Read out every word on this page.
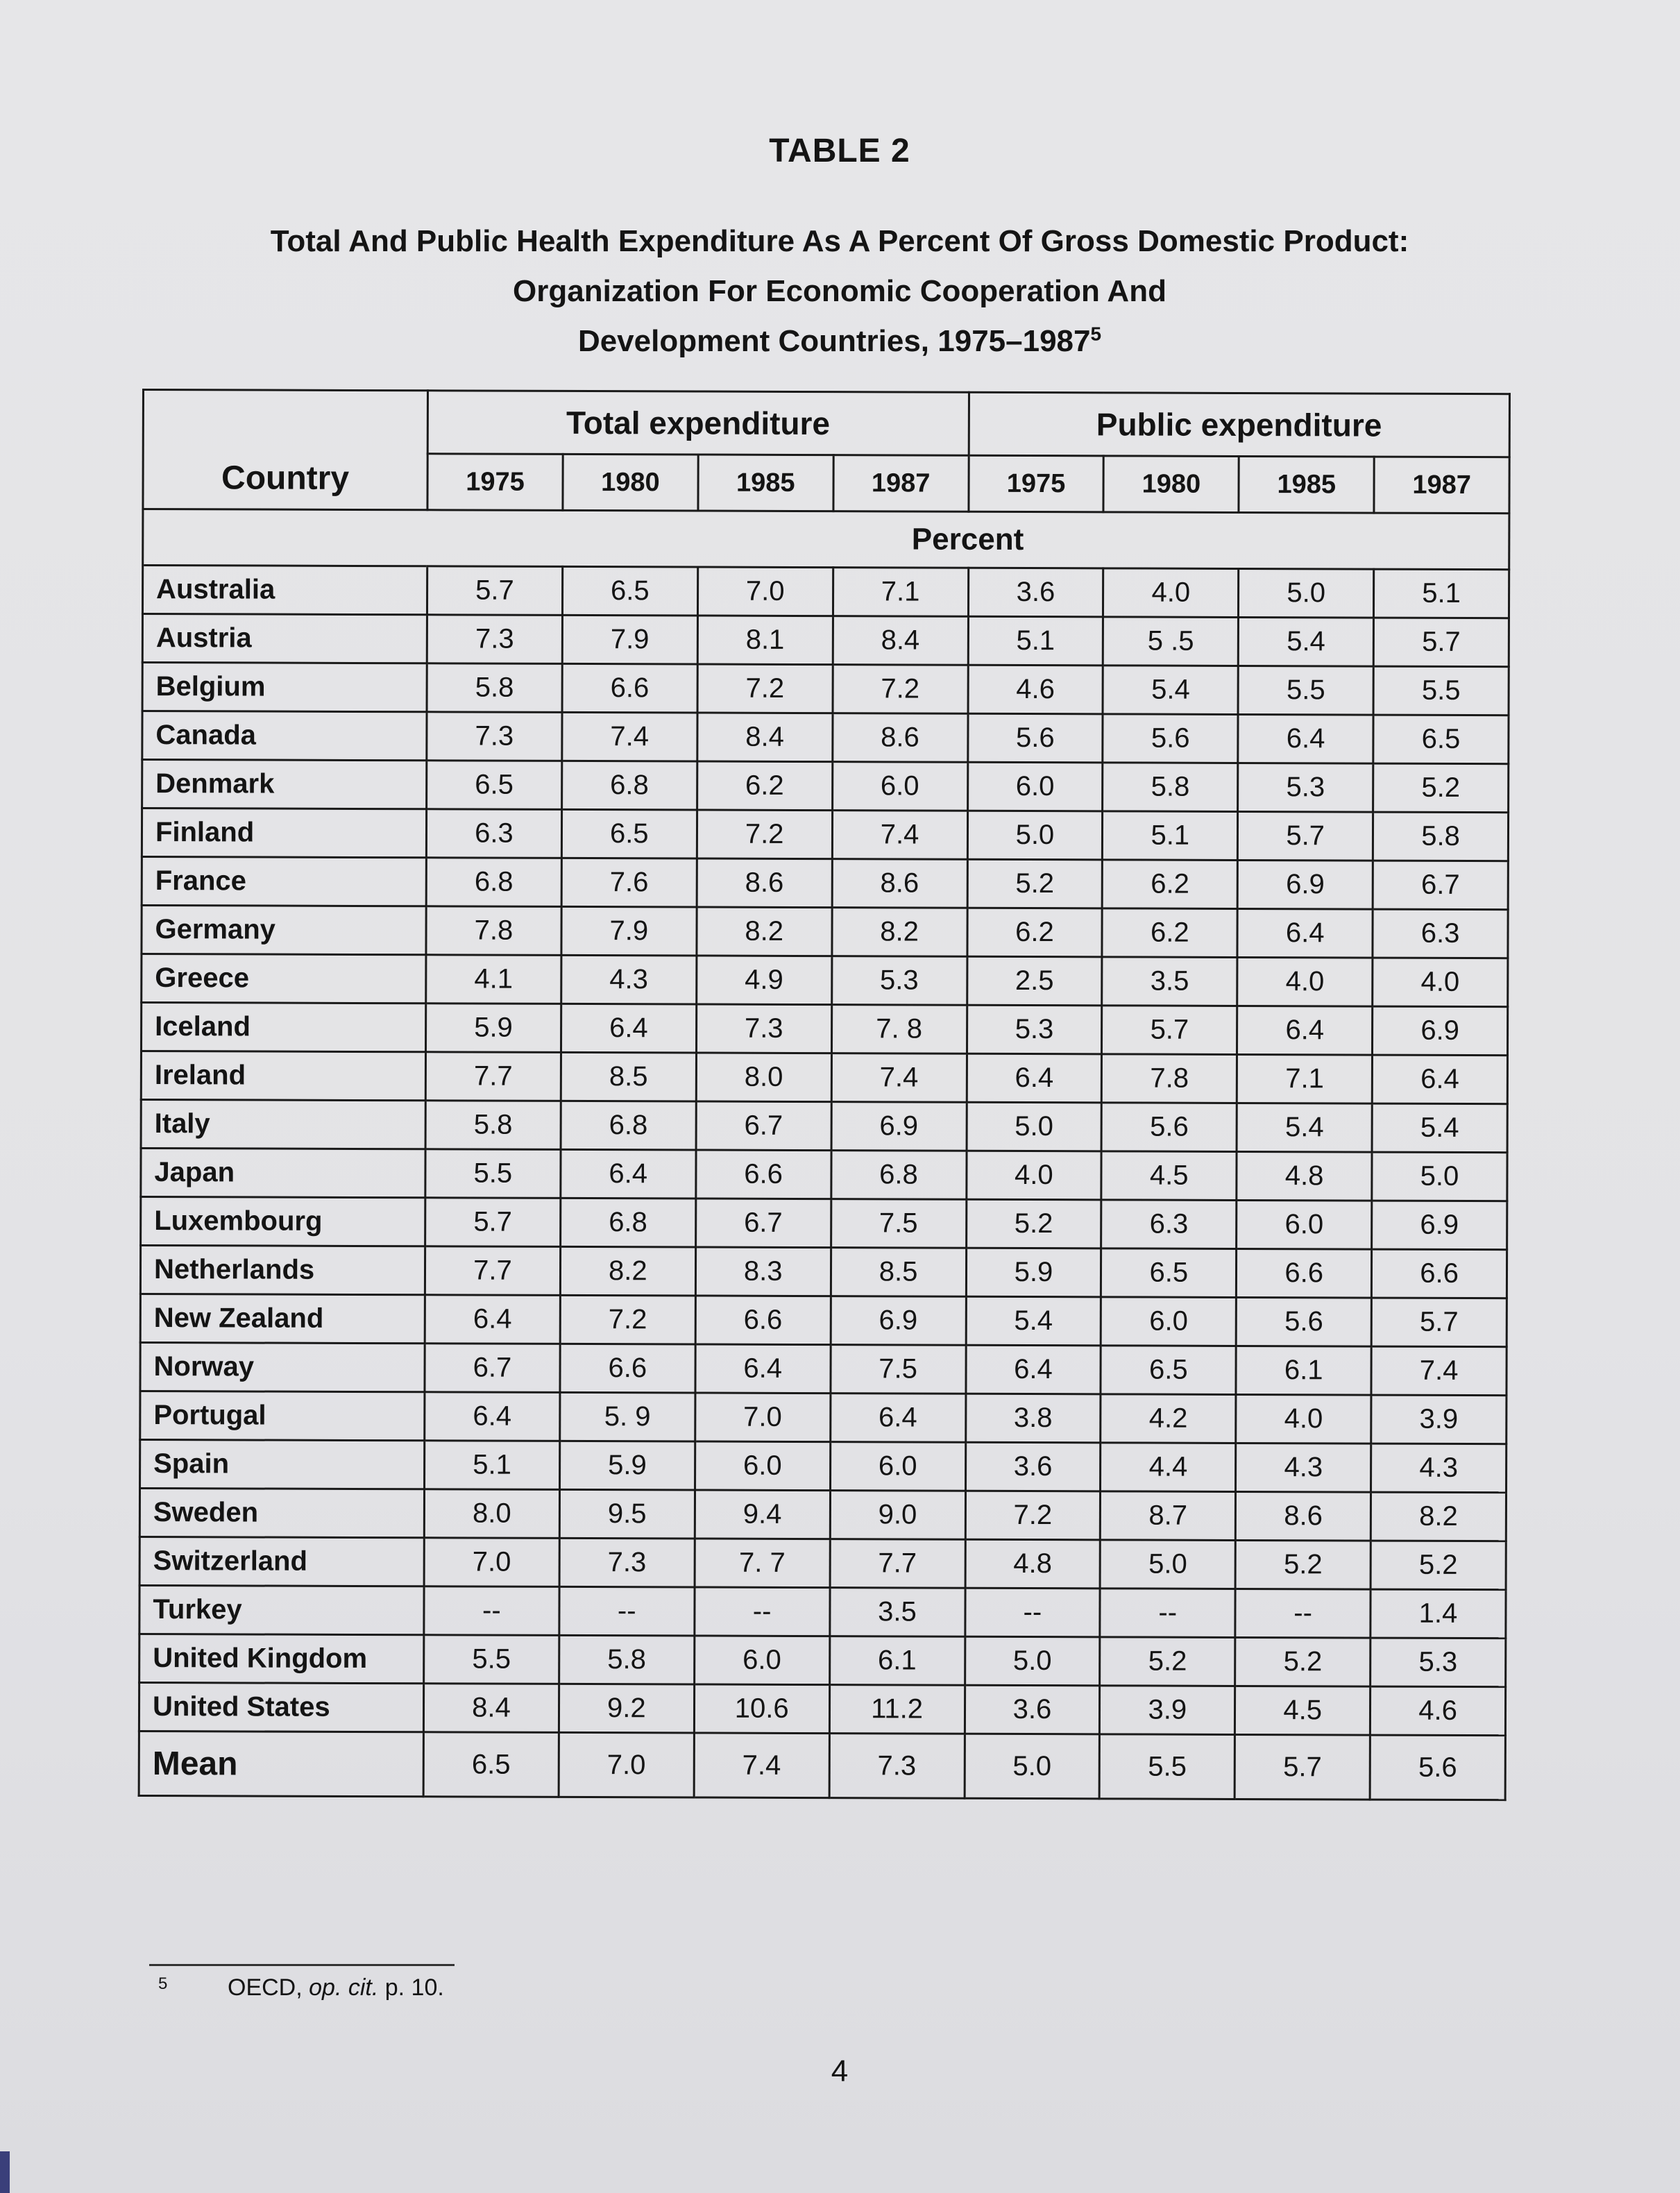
TABLE 2
Total And Public Health Expenditure As A Percent Of Gross Domestic Product:
Organization For Economic Cooperation And
Development Countries, 1975–1987$^5$
Country	Total expenditure				Public expenditure			
	1975	1980	1985	1987	1975	1980	1985	1987
	Percent							
Australia	5.7	6.5	7.0	7.1	3.6	4.0	5.0	5.1
Austria	7.3	7.9	8.1	8.4	5.1	5 .5	5.4	5.7
Belgium	5.8	6.6	7.2	7.2	4.6	5.4	5.5	5.5
Canada	7.3	7.4	8.4	8.6	5.6	5.6	6.4	6.5
Denmark	6.5	6.8	6.2	6.0	6.0	5.8	5.3	5.2
Finland	6.3	6.5	7.2	7.4	5.0	5.1	5.7	5.8
France	6.8	7.6	8.6	8.6	5.2	6.2	6.9	6.7
Germany	7.8	7.9	8.2	8.2	6.2	6.2	6.4	6.3
Greece	4.1	4.3	4.9	5.3	2.5	3.5	4.0	4.0
Iceland	5.9	6.4	7.3	7. 8	5.3	5.7	6.4	6.9
Ireland	7.7	8.5	8.0	7.4	6.4	7.8	7.1	6.4
Italy	5.8	6.8	6.7	6.9	5.0	5.6	5.4	5.4
Japan	5.5	6.4	6.6	6.8	4.0	4.5	4.8	5.0
Luxembourg	5.7	6.8	6.7	7.5	5.2	6.3	6.0	6.9
Netherlands	7.7	8.2	8.3	8.5	5.9	6.5	6.6	6.6
New Zealand	6.4	7.2	6.6	6.9	5.4	6.0	5.6	5.7
Norway	6.7	6.6	6.4	7.5	6.4	6.5	6.1	7.4
Portugal	6.4	5. 9	7.0	6.4	3.8	4.2	4.0	3.9
Spain	5.1	5.9	6.0	6.0	3.6	4.4	4.3	4.3
Sweden	8.0	9.5	9.4	9.0	7.2	8.7	8.6	8.2
Switzerland	7.0	7.3	7. 7	7.7	4.8	5.0	5.2	5.2
Turkey	--	--	--	3.5	--	--	--	1.4
United Kingdom	5.5	5.8	6.0	6.1	5.0	5.2	5.2	5.3
United States	8.4	9.2	10.6	11.2	3.6	3.9	4.5	4.6
Mean	6.5	7.0	7.4	7.3	5.0	5.5	5.7	5.6
5	OECD, op. cit. p. 10.
4
